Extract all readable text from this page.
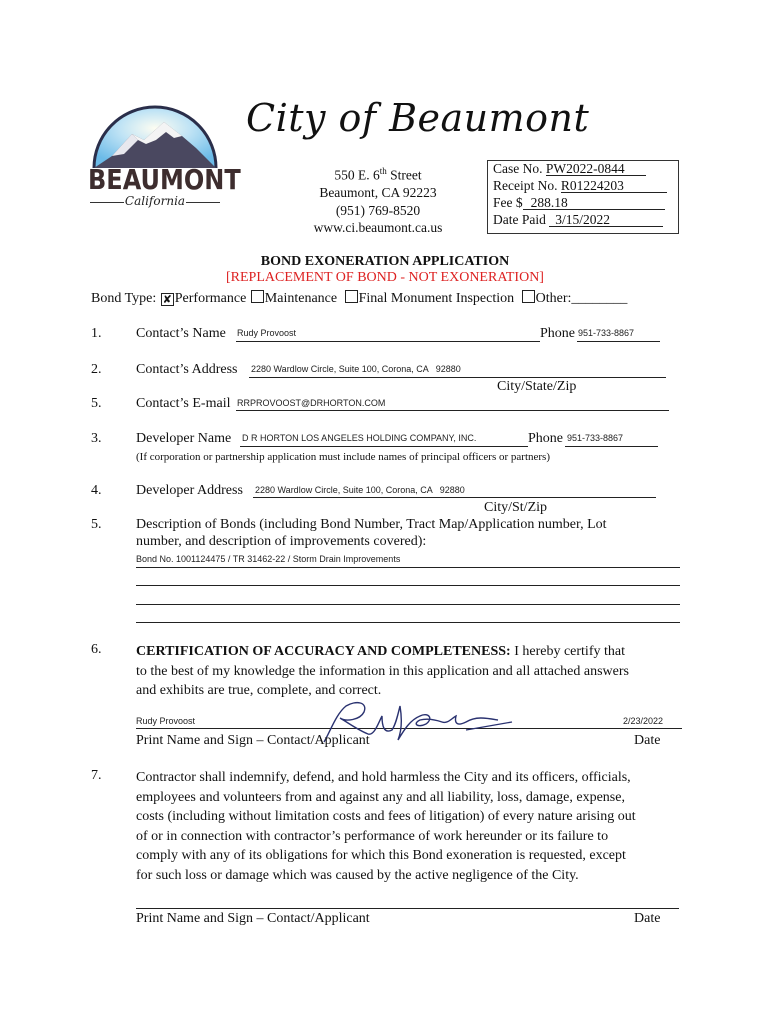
BEAUMONT
California
City of Beaumont
550 E. 6th Street
Beaumont, CA 92223
(951) 769-8520
www.ci.beaumont.ca.us
Case No. PW2022-0844
Receipt No. R01224203
Fee $ 288.18
Date Paid 3/15/2022
BOND EXONERATION APPLICATION
[REPLACEMENT OF BOND - NOT EXONERATION]
Bond Type: ✘ Performance Maintenance Final Monument Inspection Other:________
1. Contact’s Name Rudy Provoost	Phone 951-733-8867
2. Contact’s Address 2280 Wardlow Circle, Suite 100, Corona, CA   92880
City/State/Zip
5. Contact’s E-mail RRPROVOOST@DRHORTON.COM
3. Developer Name D R HORTON LOS ANGELES HOLDING COMPANY, INC.	Phone 951-733-8867
(If corporation or partnership application must include names of principal officers or partners)
4. Developer Address 2280 Wardlow Circle, Suite 100, Corona, CA   92880
City/St/Zip
5. Description of Bonds (including Bond Number, Tract Map/Application number, Lot
number, and description of improvements covered):
Bond No. 1001124475 / TR 31462-22 / Storm Drain Improvements
6. CERTIFICATION OF ACCURACY AND COMPLETENESS: I hereby certify that
to the best of my knowledge the information in this application and all attached answers
and exhibits are true, complete, and correct.
Rudy Provoost	2/23/2022
Print Name and Sign – Contact/Applicant	Date
7. Contractor shall indemnify, defend, and hold harmless the City and its officers, officials,
employees and volunteers from and against any and all liability, loss, damage, expense,
costs (including without limitation costs and fees of litigation) of every nature arising out
of or in connection with contractor’s performance of work hereunder or its failure to
comply with any of its obligations for which this Bond exoneration is requested, except
for such loss or damage which was caused by the active negligence of the City.
Print Name and Sign – Contact/Applicant	Date
